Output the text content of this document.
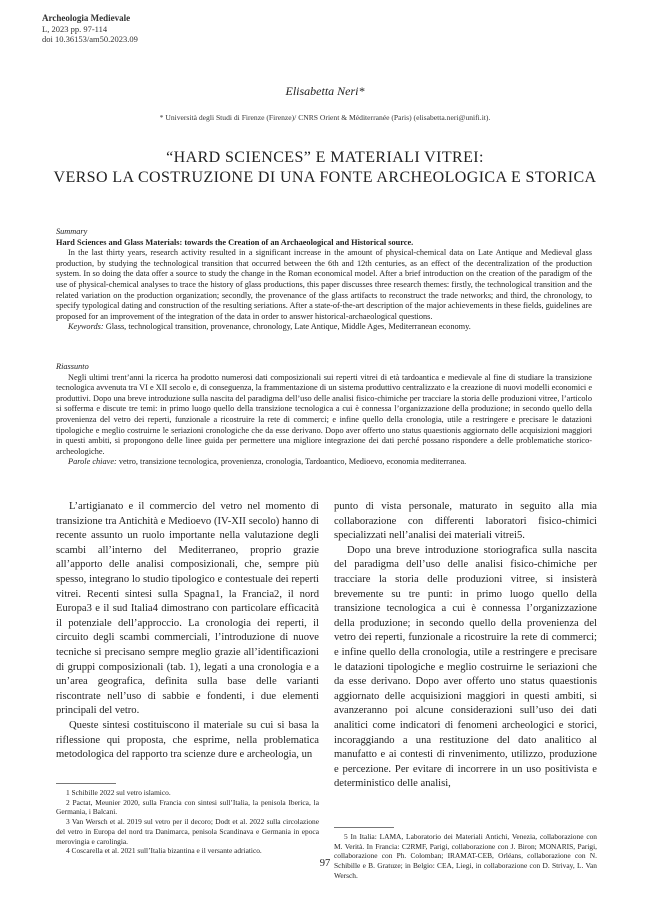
Archeologia Medievale
L, 2023 pp. 97-114
doi 10.36153/am50.2023.09
Elisabetta Neri*
* Università degli Studi di Firenze (Firenze)/ CNRS Orient & Méditerranée (Paris) (elisabetta.neri@unifi.it).
“HARD SCIENCES” E MATERIALI VITREI:
VERSO LA COSTRUZIONE DI UNA FONTE ARCHEOLOGICA E STORICA
Summary
Hard Sciences and Glass Materials: towards the Creation of an Archaeological and Historical source.

In the last thirty years, research activity resulted in a significant increase in the amount of physical-chemical data on Late Antique and Medieval glass production, by studying the technological transition that occurred between the 6th and 12th centuries, as an effect of the decentralization of the production system. In so doing the data offer a source to study the change in the Roman economical model. After a brief introduction on the creation of the paradigm of the use of physical-chemical analyses to trace the history of glass productions, this paper discusses three research themes: firstly, the technological transition and the related variation on the production organization; secondly, the provenance of the glass artifacts to reconstruct the trade networks; and third, the chronology, to specify typological dating and construction of the resulting seriations. After a state-of-the-art description of the major achievements in these fields, guidelines are proposed for an improvement of the integration of the data in order to answer historical-archaeological questions.

Keywords: Glass, technological transition, provenance, chronology, Late Antique, Middle Ages, Mediterranean economy.

Riassunto

Negli ultimi trent’anni la ricerca ha prodotto numerosi dati composizionali sui reperti vitrei di età tardoantica e medievale al fine di studiare la transizione tecnologica avvenuta tra VI e XII secolo e, di conseguenza, la frammentazione di un sistema produttivo centralizzato e la creazione di nuovi modelli economici e produttivi. Dopo una breve introduzione sulla nascita del paradigma dell’uso delle analisi fisico-chimiche per tracciare la storia delle produzioni vitree, l’articolo si sofferma e discute tre temi: in primo luogo quello della transizione tecnologica a cui è connessa l’organizzazione della produzione; in secondo quello della provenienza del vetro dei reperti, funzionale a ricostruire la rete di commerci; e infine quello della cronologia, utile a restringere e precisare le datazioni tipologiche e meglio costruirne le seriazioni cronologiche che da esse derivano. Dopo aver offerto uno status quaestionis aggiornato delle acquisizioni maggiori in questi ambiti, si propongono delle linee guida per permettere una migliore integrazione dei dati perché possano rispondere a delle problematiche storico-archeologiche.

Parole chiave: vetro, transizione tecnologica, provenienza, cronologia, Tardoantico, Medioevo, economia mediterranea.

L’artigianato e il commercio del vetro nel momento di transizione tra Antichità e Medioevo (IV-XII secolo) hanno di recente assunto un ruolo importante nella valutazione degli scambi all’interno del Mediterraneo, proprio grazie all’apporto delle analisi composizionali, che, sempre più spesso, integrano lo studio tipologico e contestuale dei reperti vitrei. Recenti sintesi sulla Spagna1, la Francia2, il nord Europa3 e il sud Italia4 dimostrano con particolare efficacità il potenziale dell’approccio. La cronologia dei reperti, il circuito degli scambi commerciali, l’introduzione di nuove tecniche si precisano sempre meglio grazie all’identificazioni di gruppi composizionali (tab. 1), legati a una cronologia e a un’area geografica, definita sulla base delle varianti riscontrate nell’uso di sabbie e fondenti, i due elementi principali del vetro.

Queste sintesi costituiscono il materiale su cui si basa la riflessione qui proposta, che esprime, nella problematica metodologica del rapporto tra scienze dure e archeologia, un

punto di vista personale, maturato in seguito alla mia collaborazione con differenti laboratori fisico-chimici specializzati nell’analisi dei materiali vitrei5.

Dopo una breve introduzione storiografica sulla nascita del paradigma dell’uso delle analisi fisico-chimiche per tracciare la storia delle produzioni vitree, si insisterà brevemente su tre punti: in primo luogo quello della transizione tecnologica a cui è connessa l’organizzazione della produzione; in secondo quello della provenienza del vetro dei reperti, funzionale a ricostruire la rete di commerci; e infine quello della cronologia, utile a restringere e precisare le datazioni tipologiche e meglio costruirne le seriazioni che da esse derivano. Dopo aver offerto uno status quaestionis aggiornato delle acquisizioni maggiori in questi ambiti, si avanzeranno poi alcune considerazioni sull’uso dei dati analitici come indicatori di fenomeni archeologici e storici, incoraggiando a una restituzione del dato analitico al manufatto e ai contesti di rinvenimento, utilizzo, produzione e percezione. Per evitare di incorrere in un uso positivista e deterministico delle analisi,

1 Schibille 2022 sul vetro islamico.
2 Pactat, Meunier 2020, sulla Francia con sintesi sull’Italia, la penisola Iberica, la Germania, i Balcani.
3 Van Wersch et al. 2019 sul vetro per il decoro; Dodt et al. 2022 sulla circolazione del vetro in Europa del nord tra Danimarca, penisola Scandinava e Germania in epoca merovingia e carolingia.
4 Coscarella et al. 2021 sull’Italia bizantina e il versante adriatico.
5 In Italia: LAMA, Laboratorio dei Materiali Antichi, Venezia, collaborazione con M. Verità. In Francia: C2RMF, Parigi, collaborazione con J. Biron; MONARIS, Parigi, collaborazione con Ph. Colomban; IRAMAT-CEB, Orléans, collaborazione con N. Schibille e B. Gratuze; in Belgio: CEA, Liegi, in collaborazione con D. Strivay, L. Van Wersch.
97
